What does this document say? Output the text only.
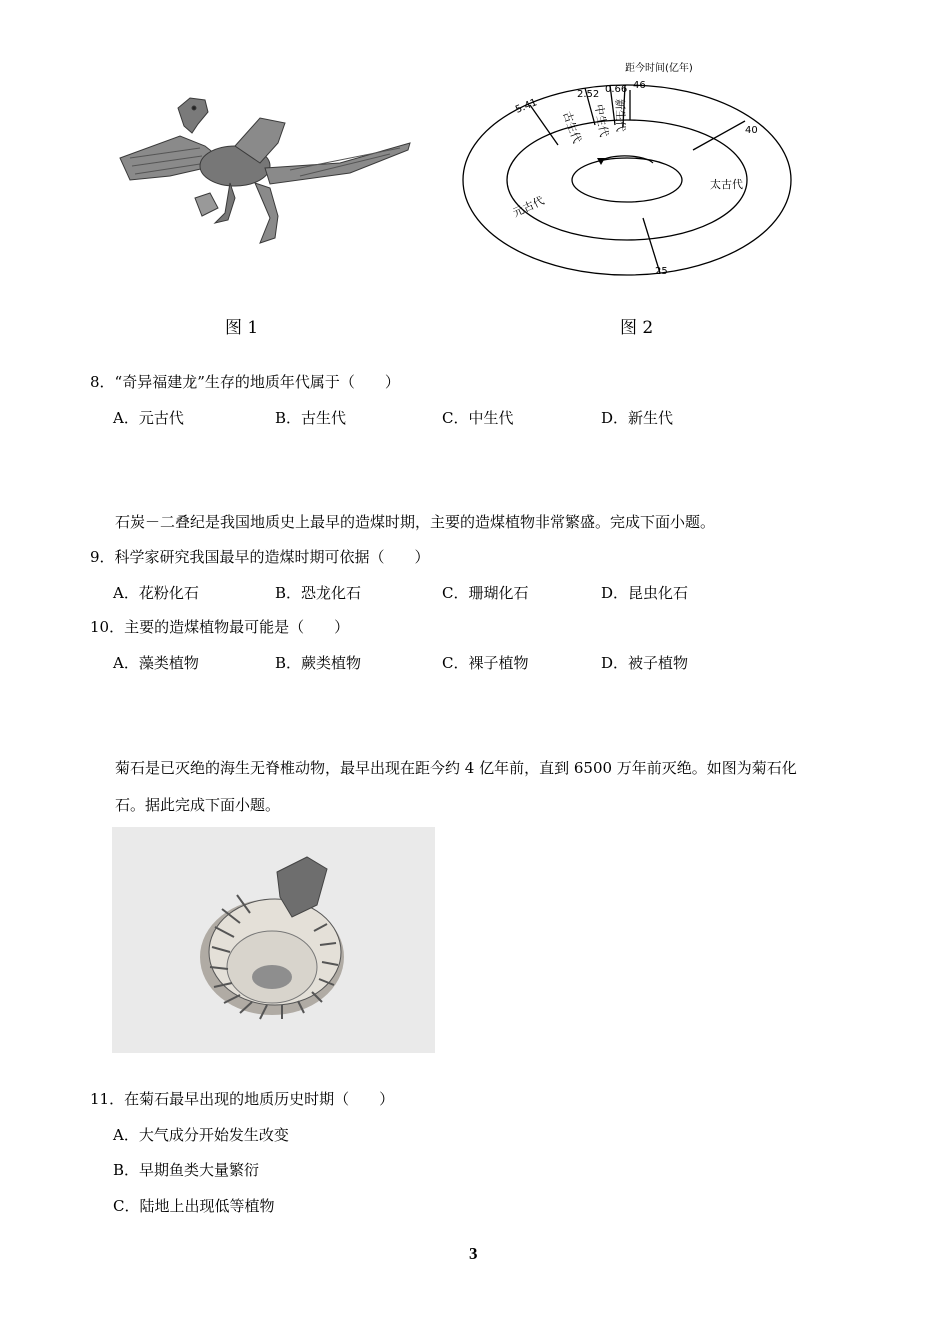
距今时间(亿年)
46
40
25
5.41
2.52 0.66
太古代
元古代
古生代 中生代 新生代
图 1	图 2
8．“奇异福建龙”生存的地质年代属于（　　）
A．元古代	B．古生代	C．中生代	D．新生代
石炭－二叠纪是我国地质史上最早的造煤时期，主要的造煤植物非常繁盛。完成下面小题。
9．科学家研究我国最早的造煤时期可依据（　　）
A．花粉化石	B．恐龙化石	C．珊瑚化石	D．昆虫化石
10．主要的造煤植物最可能是（　　）
A．藻类植物	B．蕨类植物	C．裸子植物	D．被子植物
菊石是已灭绝的海生无脊椎动物，最早出现在距今约 4 亿年前，直到 6500 万年前灭绝。如图为菊石化
石。据此完成下面小题。
11．在菊石最早出现的地质历史时期（　　）
A．大气成分开始发生改变
B．早期鱼类大量繁衍
C．陆地上出现低等植物
3
